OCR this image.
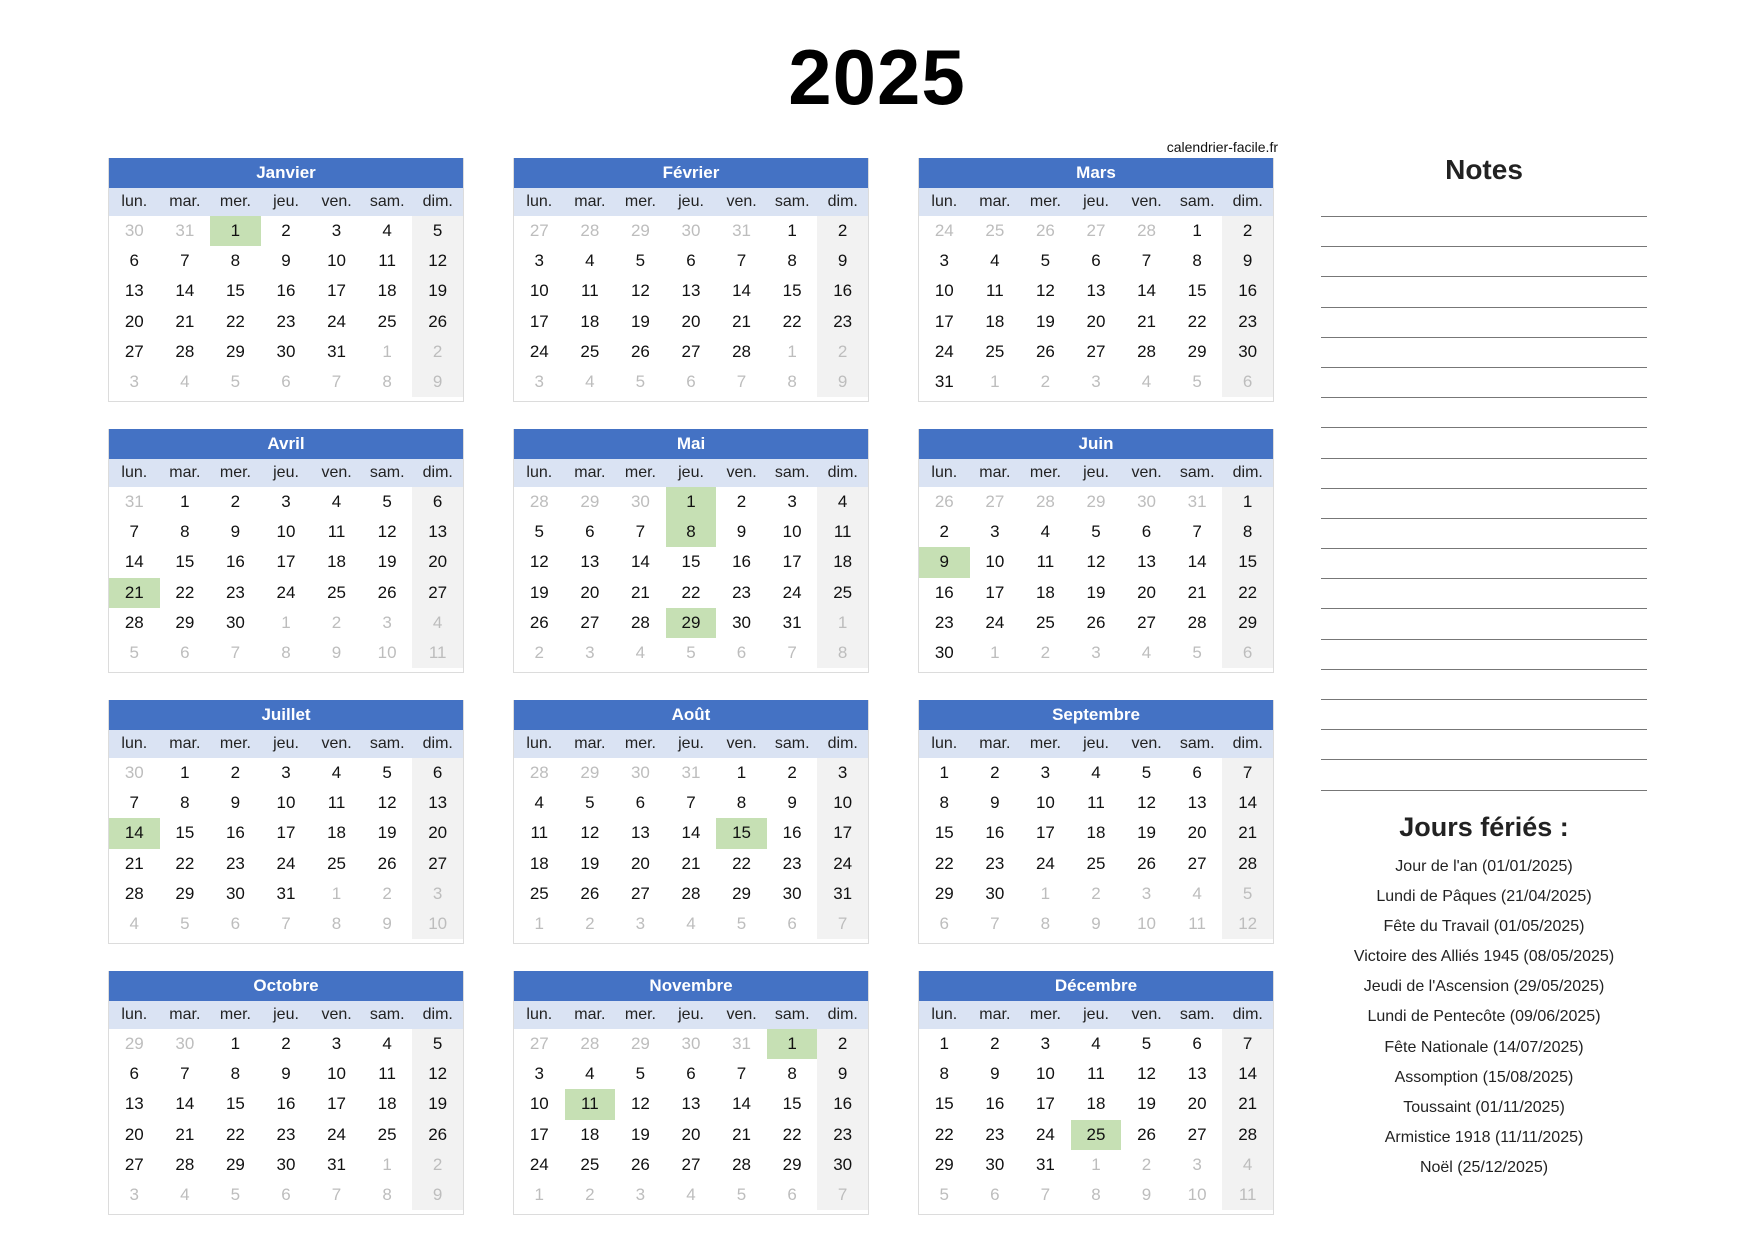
2025
calendrier-facile.fr
Janvier
lun.	mar.	mer.	jeu.	ven.	sam.	dim.
30	31	1	2	3	4	5
6	7	8	9	10	11	12
13	14	15	16	17	18	19
20	21	22	23	24	25	26
27	28	29	30	31	1	2
3	4	5	6	7	8	9
Février
lun.	mar.	mer.	jeu.	ven.	sam.	dim.
27	28	29	30	31	1	2
3	4	5	6	7	8	9
10	11	12	13	14	15	16
17	18	19	20	21	22	23
24	25	26	27	28	1	2
3	4	5	6	7	8	9
Mars
lun.	mar.	mer.	jeu.	ven.	sam.	dim.
24	25	26	27	28	1	2
3	4	5	6	7	8	9
10	11	12	13	14	15	16
17	18	19	20	21	22	23
24	25	26	27	28	29	30
31	1	2	3	4	5	6
Avril
lun.	mar.	mer.	jeu.	ven.	sam.	dim.
31	1	2	3	4	5	6
7	8	9	10	11	12	13
14	15	16	17	18	19	20
21	22	23	24	25	26	27
28	29	30	1	2	3	4
5	6	7	8	9	10	11
Mai
lun.	mar.	mer.	jeu.	ven.	sam.	dim.
28	29	30	1	2	3	4
5	6	7	8	9	10	11
12	13	14	15	16	17	18
19	20	21	22	23	24	25
26	27	28	29	30	31	1
2	3	4	5	6	7	8
Juin
lun.	mar.	mer.	jeu.	ven.	sam.	dim.
26	27	28	29	30	31	1
2	3	4	5	6	7	8
9	10	11	12	13	14	15
16	17	18	19	20	21	22
23	24	25	26	27	28	29
30	1	2	3	4	5	6
Juillet
lun.	mar.	mer.	jeu.	ven.	sam.	dim.
30	1	2	3	4	5	6
7	8	9	10	11	12	13
14	15	16	17	18	19	20
21	22	23	24	25	26	27
28	29	30	31	1	2	3
4	5	6	7	8	9	10
Août
lun.	mar.	mer.	jeu.	ven.	sam.	dim.
28	29	30	31	1	2	3
4	5	6	7	8	9	10
11	12	13	14	15	16	17
18	19	20	21	22	23	24
25	26	27	28	29	30	31
1	2	3	4	5	6	7
Septembre
lun.	mar.	mer.	jeu.	ven.	sam.	dim.
1	2	3	4	5	6	7
8	9	10	11	12	13	14
15	16	17	18	19	20	21
22	23	24	25	26	27	28
29	30	1	2	3	4	5
6	7	8	9	10	11	12
Octobre
lun.	mar.	mer.	jeu.	ven.	sam.	dim.
29	30	1	2	3	4	5
6	7	8	9	10	11	12
13	14	15	16	17	18	19
20	21	22	23	24	25	26
27	28	29	30	31	1	2
3	4	5	6	7	8	9
Novembre
lun.	mar.	mer.	jeu.	ven.	sam.	dim.
27	28	29	30	31	1	2
3	4	5	6	7	8	9
10	11	12	13	14	15	16
17	18	19	20	21	22	23
24	25	26	27	28	29	30
1	2	3	4	5	6	7
Décembre
lun.	mar.	mer.	jeu.	ven.	sam.	dim.
1	2	3	4	5	6	7
8	9	10	11	12	13	14
15	16	17	18	19	20	21
22	23	24	25	26	27	28
29	30	31	1	2	3	4
5	6	7	8	9	10	11
Notes
Jours fériés :
Jour de l'an (01/01/2025)
Lundi de Pâques (21/04/2025)
Fête du Travail (01/05/2025)
Victoire des Alliés 1945 (08/05/2025)
Jeudi de l'Ascension (29/05/2025)
Lundi de Pentecôte (09/06/2025)
Fête Nationale (14/07/2025)
Assomption (15/08/2025)
Toussaint (01/11/2025)
Armistice 1918 (11/11/2025)
Noël (25/12/2025)
